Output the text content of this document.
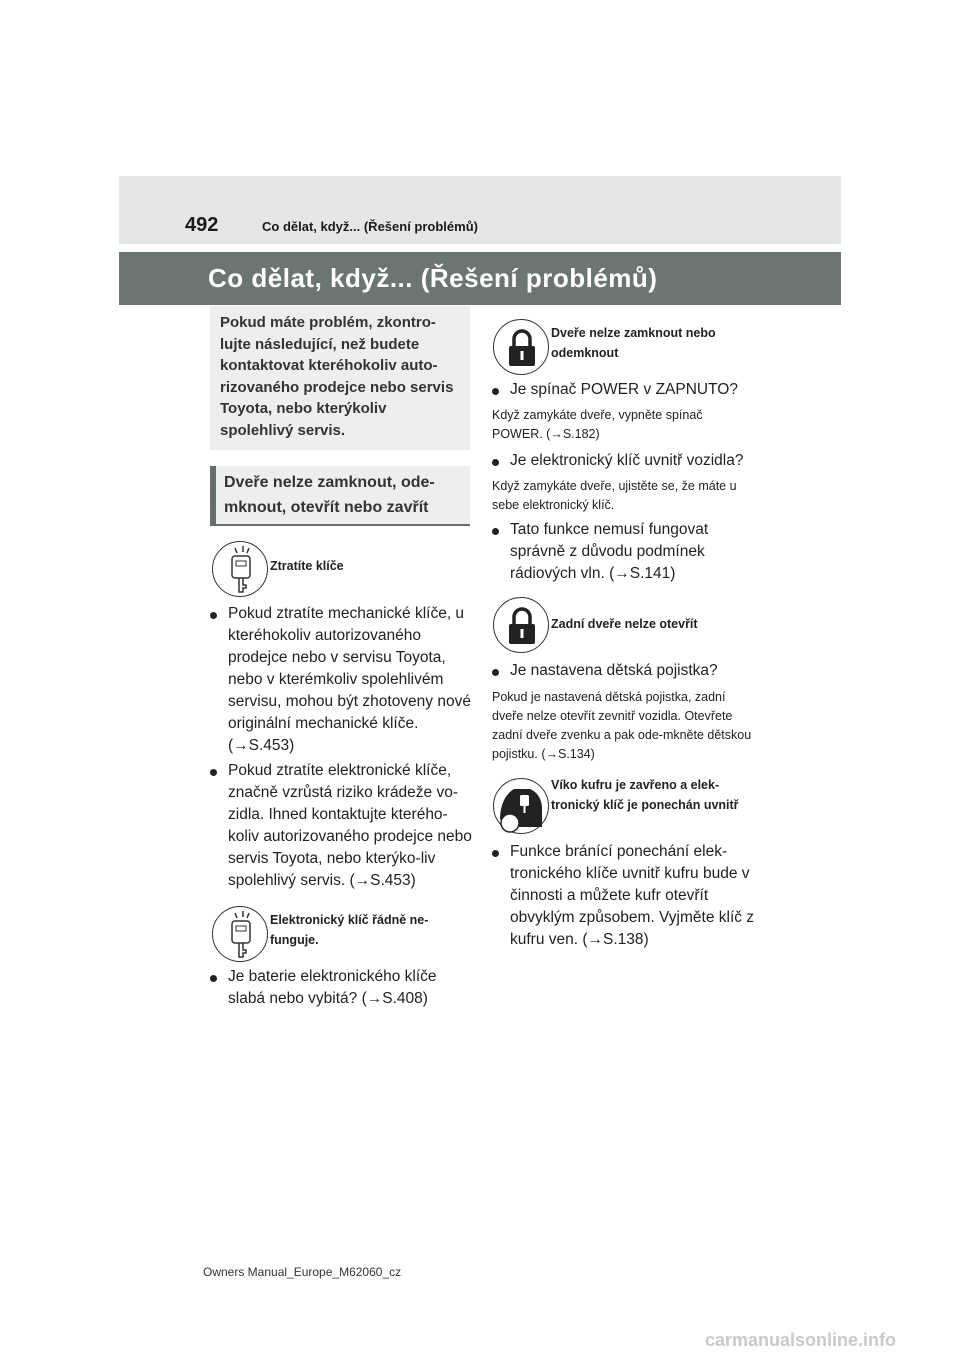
492	Co dělat, když... (Řešení problémů)
Co dělat, když... (Řešení problémů)
Pokud máte problém, zkontro-lujte následující, než budete kontaktovat kteréhokoliv auto-rizovaného prodejce nebo servis Toyota, nebo kterýkoliv spolehlivý servis.
Dveře nelze zamknout, ode-mknout, otevřít nebo zavřít
Ztratíte klíče
Pokud ztratíte mechanické klíče, u kteréhokoliv autorizovaného prodejce nebo v servisu Toyota, nebo v kterémkoliv spolehlivém servisu, mohou být zhotoveny nové originální mechanické klíče. (→S.453)
Pokud ztratíte elektronické klíče, značně vzrůstá riziko krádeže vo-zidla. Ihned kontaktujte kterého-koliv autorizovaného prodejce nebo servis Toyota, nebo kterýko-liv spolehlivý servis. (→S.453)
Elektronický klíč řádně ne-funguje.
Je baterie elektronického klíče slabá nebo vybitá? (→S.408)
Dveře nelze zamknout nebo odemknout
Je spínač POWER v ZAPNUTO?
Když zamykáte dveře, vypněte spínač POWER. (→S.182)
Je elektronický klíč uvnitř vozidla?
Když zamykáte dveře, ujistěte se, že máte u sebe elektronický klíč.
Tato funkce nemusí fungovat správně z důvodu podmínek rádiových vln. (→S.141)
Zadní dveře nelze otevřít
Je nastavena dětská pojistka?
Pokud je nastavená dětská pojistka, zadní dveře nelze otevřít zevnitř vozidla. Otevřete zadní dveře zvenku a pak ode-mkněte dětskou pojistku. (→S.134)
Víko kufru je zavřeno a elek-tronický klíč je ponechán uvnitř
Funkce bránící ponechání elek-tronického klíče uvnitř kufru bude v činnosti a můžete kufr otevřít obvyklým způsobem. Vyjměte klíč z kufru ven. (→S.138)
Owners Manual_Europe_M62060_cz
carmanualsonline.info
